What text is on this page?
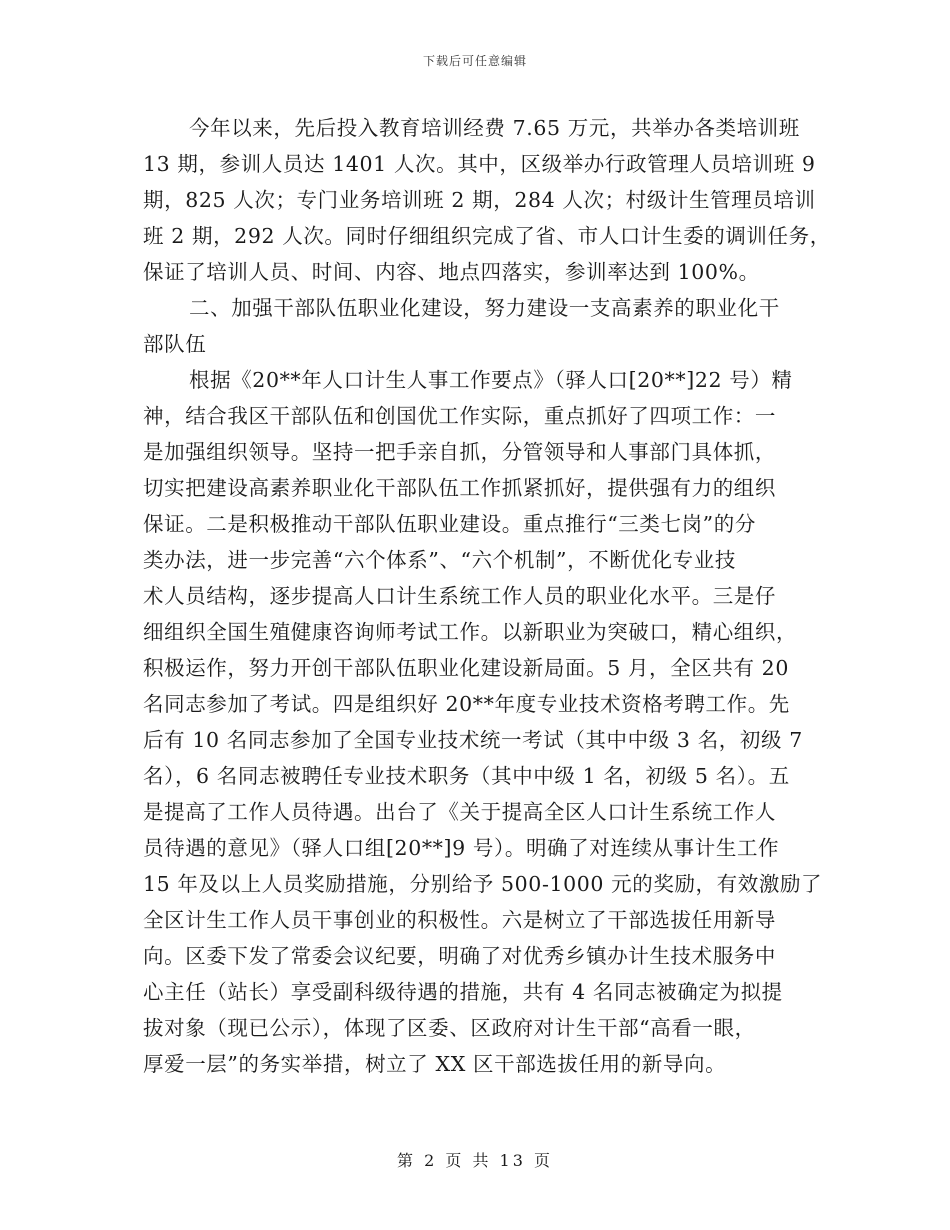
下载后可任意编辑
今年以来，先后投入教育培训经费 7.65 万元，共举办各类培训班
13 期，参训人员达 1401 人次。其中，区级举办行政管理人员培训班 9
期，825 人次；专门业务培训班 2 期，284 人次；村级计生管理员培训
班 2 期，292 人次。同时仔细组织完成了省、市人口计生委的调训任务，
保证了培训人员、时间、内容、地点四落实，参训率达到 100%。
二、加强干部队伍职业化建设，努力建设一支高素养的职业化干
部队伍
根据《20**年人口计生人事工作要点》（驿人口[20**]22 号）精
神，结合我区干部队伍和创国优工作实际，重点抓好了四项工作：一
是加强组织领导。坚持一把手亲自抓，分管领导和人事部门具体抓，
切实把建设高素养职业化干部队伍工作抓紧抓好，提供强有力的组织
保证。二是积极推动干部队伍职业建设。重点推行“三类七岗”的分
类办法，进一步完善“六个体系”、“六个机制”，不断优化专业技
术人员结构，逐步提高人口计生系统工作人员的职业化水平。三是仔
细组织全国生殖健康咨询师考试工作。以新职业为突破口，精心组织，
积极运作，努力开创干部队伍职业化建设新局面。5 月，全区共有 20
名同志参加了考试。四是组织好 20**年度专业技术资格考聘工作。先
后有 10 名同志参加了全国专业技术统一考试（其中中级 3 名，初级 7
名），6 名同志被聘任专业技术职务（其中中级 1 名，初级 5 名）。五
是提高了工作人员待遇。出台了《关于提高全区人口计生系统工作人
员待遇的意见》（驿人口组[20**]9 号）。明确了对连续从事计生工作
15 年及以上人员奖励措施，分别给予 500-1000 元的奖励，有效激励了
全区计生工作人员干事创业的积极性。六是树立了干部选拔任用新导
向。区委下发了常委会议纪要，明确了对优秀乡镇办计生技术服务中
心主任（站长）享受副科级待遇的措施，共有 4 名同志被确定为拟提
拔对象（现已公示），体现了区委、区政府对计生干部“高看一眼，
厚爱一层”的务实举措，树立了 XX 区干部选拔任用的新导向。
第 2 页 共 13 页
